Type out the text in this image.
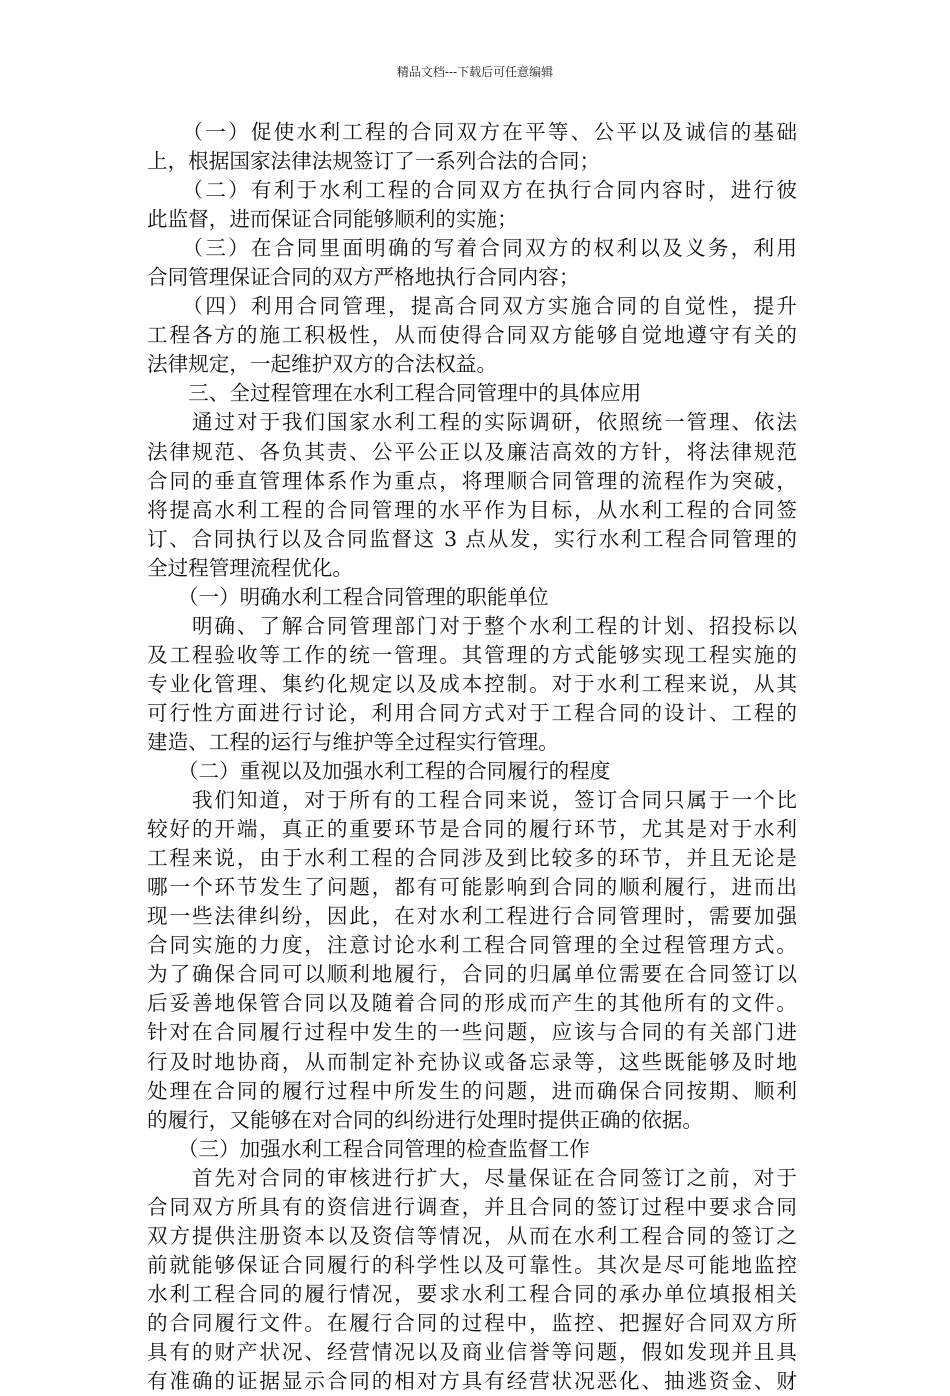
精品文档---下载后可任意编辑
　　（一）促使水利工程的合同双方在平等、公平以及诚信的基础
上，根据国家法律法规签订了一系列合法的合同；
　　（二）有利于水利工程的合同双方在执行合同内容时，进行彼
此监督，进而保证合同能够顺利的实施；
　　（三）在合同里面明确的写着合同双方的权利以及义务，利用
合同管理保证合同的双方严格地执行合同内容；
　　（四）利用合同管理，提高合同双方实施合同的自觉性，提升
工程各方的施工积极性，从而使得合同双方能够自觉地遵守有关的
法律规定，一起维护双方的合法权益。
　　三、全过程管理在水利工程合同管理中的具体应用
　　通过对于我们国家水利工程的实际调研，依照统一管理、依法
法律规范、各负其责、公平公正以及廉洁高效的方针，将法律规范
合同的垂直管理体系作为重点，将理顺合同管理的流程作为突破，
将提高水利工程的合同管理的水平作为目标，从水利工程的合同签
订、合同执行以及合同监督这 3 点从发，实行水利工程合同管理的
全过程管理流程优化。
　　（一）明确水利工程合同管理的职能单位
　　明确、了解合同管理部门对于整个水利工程的计划、招投标以
及工程验收等工作的统一管理。其管理的方式能够实现工程实施的
专业化管理、集约化规定以及成本控制。对于水利工程来说，从其
可行性方面进行讨论，利用合同方式对于工程合同的设计、工程的
建造、工程的运行与维护等全过程实行管理。
　　（二）重视以及加强水利工程的合同履行的程度
　　我们知道，对于所有的工程合同来说，签订合同只属于一个比
较好的开端，真正的重要环节是合同的履行环节，尤其是对于水利
工程来说，由于水利工程的合同涉及到比较多的环节，并且无论是
哪一个环节发生了问题，都有可能影响到合同的顺利履行，进而出
现一些法律纠纷，因此，在对水利工程进行合同管理时，需要加强
合同实施的力度，注意讨论水利工程合同管理的全过程管理方式。
为了确保合同可以顺利地履行，合同的归属单位需要在合同签订以
后妥善地保管合同以及随着合同的形成而产生的其他所有的文件。
针对在合同履行过程中发生的一些问题，应该与合同的有关部门进
行及时地协商，从而制定补充协议或备忘录等，这些既能够及时地
处理在合同的履行过程中所发生的问题，进而确保合同按期、顺利
的履行，又能够在对合同的纠纷进行处理时提供正确的依据。
　　（三）加强水利工程合同管理的检查监督工作
　　首先对合同的审核进行扩大，尽量保证在合同签订之前，对于
合同双方所具有的资信进行调查，并且合同的签订过程中要求合同
双方提供注册资本以及资信等情况，从而在水利工程合同的签订之
前就能够保证合同履行的科学性以及可靠性。其次是尽可能地监控
水利工程合同的履行情况，要求水利工程合同的承办单位填报相关
的合同履行文件。在履行合同的过程中，监控、把握好合同双方所
具有的财产状况、经营情况以及商业信誉等问题，假如发现并且具
有准确的证据显示合同的相对方具有经营状况恶化、抽逃资金、财
